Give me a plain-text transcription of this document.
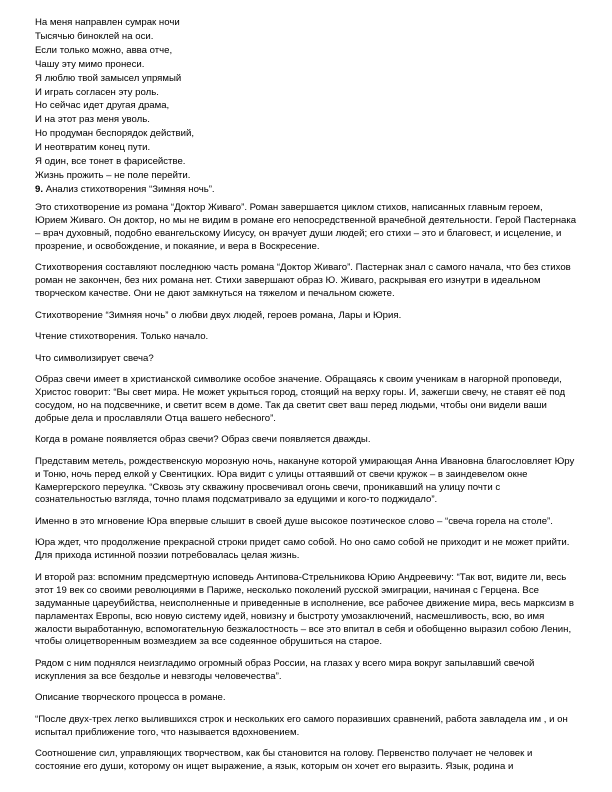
На меня направлен сумрак ночи
Тысячью биноклей на оси.
Если только можно, авва отче,
Чашу эту мимо пронеси.
Я люблю твой замысел упрямый
И играть согласен эту роль.
Но сейчас идет другая драма,
И на этот раз меня уволь.
Но продуман беспорядок действий,
И неотвратим конец пути.
Я один, все тонет в фарисействе.
Жизнь прожить – не поле перейти.
9. Анализ стихотворения “Зимняя ночь”.

Это стихотворение из романа “Доктор Живаго”. Роман завершается циклом стихов, написанных главным героем, Юрием Живаго. Он доктор, но мы не видим в романе его непосредственной врачебной деятельности. Герой Пастернака – врач духовный, подобно евангельскому Иисусу, он врачует души людей; его стихи – это и благовест, и исцеление, и прозрение, и освобождение, и покаяние, и вера в Воскресение.

Стихотворения составляют последнюю часть романа “Доктор Живаго”. Пастернак знал с самого начала, что без стихов роман не закончен, без них романа нет. Стихи завершают образ Ю. Живаго, раскрывая его изнутри в идеальном творческом качестве. Они не дают замкнуться на тяжелом и печальном сюжете.

Стихотворение “Зимняя ночь” о любви двух людей, героев романа, Лары и Юрия.

Чтение стихотворения. Только начало.

Что символизирует свеча?

Образ свечи имеет в христианской символике особое значение. Обращаясь к своим ученикам в нагорной проповеди, Христос говорит: “Вы свет мира. Не может укрыться город, стоящий на верху горы. И, зажегши свечу, не ставят её под сосудом, но на подсвечнике, и светит всем в доме. Так да светит свет ваш перед людьми, чтобы они видели ваши добрые дела и прославляли Отца вашего небесного”.

Когда в романе появляется образ свечи? Образ свечи появляется дважды.

Представим метель, рождественскую морозную ночь, накануне которой умирающая Анна Ивановна благословляет Юру и Тоню, ночь перед елкой у Свентицких. Юра видит с улицы оттаявший от свечи кружок – в заиндевелом окне Камергерского переулка. “Сквозь эту скважину просвечивал огонь свечи, проникавший на улицу почти с сознательностью взгляда, точно пламя подсматривало за едущими и кого-то поджидало”.

Именно в это мгновение Юра впервые слышит в своей душе высокое поэтическое слово – “свеча горела на столе”.

Юра ждет, что продолжение прекрасной строки придет само собой. Но оно само собой не приходит и не может прийти. Для прихода истинной поэзии потребовалась целая жизнь.

И второй раз: вспомним предсмертную исповедь Антипова-Стрельникова Юрию Андреевичу: “Так вот, видите ли, весь этот 19 век со своими революциями в Париже, несколько поколений русской эмиграции, начиная с Герцена. Все задуманные цареубийства, неисполненные и приведенные в исполнение, все рабочее движение мира, весь марксизм в парламентах Европы, всю новую систему идей, новизну и быстроту умозаключений, насмешливость, всю, во имя жалости выработанную, вспомогательную безжалостность – все это впитал в себя и обобщенно выразил собою Ленин, чтобы олицетворенным возмездием за все содеянное обрушиться на старое.

Рядом с ним поднялся неизгладимо огромный образ России, на глазах у всего мира вокруг запылавший свечой искупления за все бездолье и невзгоды человечества”.

Описание творческого процесса в романе.

“После двух-трех легко вылившихся строк и нескольких его самого поразивших сравнений, работа завладела им , и он испытал приближение того, что называется вдохновением.

Соотношение сил, управляющих творчеством, как бы становится на голову. Первенство получает не человек и состояние его души, которому он ищет выражение, а язык, которым он хочет его выразить. Язык, родина и
